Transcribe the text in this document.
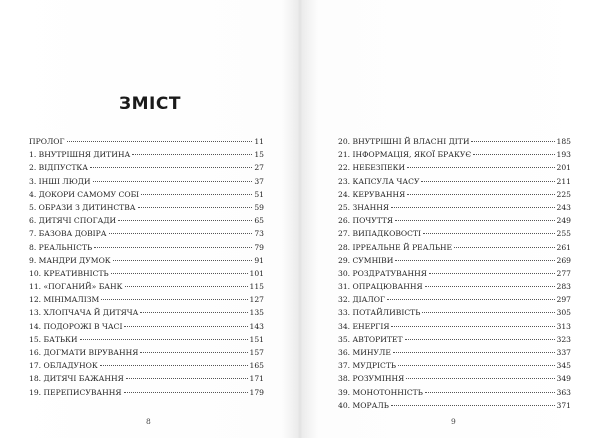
ЗМІСТ
ПРОЛОГ	11
1. ВНУТРІШНЯ ДИТИНА	15
2. ВІДПУСТКА	27
3. ІНШІ ЛЮДИ	37
4. ДОКОРИ САМОМУ СОБІ	51
5. ОБРАЗИ З ДИТИНСТВА	59
6. ДИТЯЧІ СПОГАДИ	65
7. БАЗОВА ДОВІРА	73
8. РЕАЛЬНІСТЬ	79
9. МАНДРИ ДУМОК	91
10. КРЕАТИВНІСТЬ	101
11. «ПОГАНИЙ» БАНК	115
12. МІНІМАЛІЗМ	127
13. ХЛОПЧАЧА Й ДИТЯЧА	135
14. ПОДОРОЖІ В ЧАСІ	143
15. БАТЬКИ	151
16. ДОГМАТИ ВІРУВАННЯ	157
17. ОБЛАДУНОК	165
18. ДИТЯЧІ БАЖАННЯ	171
19. ПЕРЕПИСУВАННЯ	179
20. ВНУТРІШНІ Й ВЛАСНІ ДІТИ	185
21. ІНФОРМАЦІЯ, ЯКОЇ БРАКУЄ	193
22. НЕБЕЗПЕКИ	201
23. КАПСУЛА ЧАСУ	211
24. КЕРУВАННЯ	225
25. ЗНАННЯ	243
26. ПОЧУТТЯ	249
27. ВИПАДКОВОСТІ	255
28. ІРРЕАЛЬНЕ Й РЕАЛЬНЕ	261
29. СУМНІВИ	269
30. РОЗДРАТУВАННЯ	277
31. ОПРАЦЮВАННЯ	283
32. ДІАЛОГ	297
33. ПОТАЙЛИВІСТЬ	305
34. ЕНЕРГІЯ	313
35. АВТОРИТЕТ	323
36. МИНУЛЕ	337
37. МУДРІСТЬ	345
38. РОЗУМІННЯ	349
39. МОНОТОННІСТЬ	363
40. МОРАЛЬ	371
8	9
